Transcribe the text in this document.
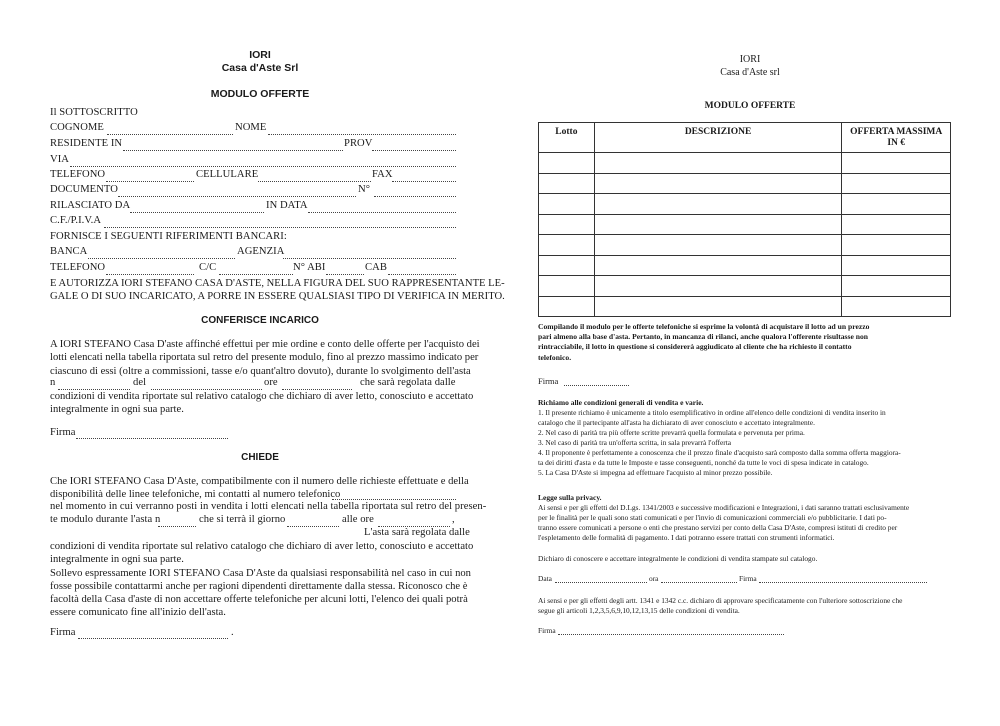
IORI
Casa d'Aste Srl
MODULO OFFERTE
Il SOTTOSCRITTO
COGNOME	NOME
RESIDENTE IN	PROV
VIA
TELEFONO	CELLULARE	FAX
DOCUMENTO	N°
RILASCIATO DA	IN DATA
C.F./P.I.V.A
FORNISCE I SEGUENTI RIFERIMENTI BANCARI:
BANCA	AGENZIA
TELEFONO	C/C	N° ABI	CAB
E AUTORIZZA IORI STEFANO CASA D'ASTE, NELLA FIGURA DEL SUO RAPPRESENTANTE LE-
GALE O DI SUO INCARICATO, A PORRE IN ESSERE QUALSIASI TIPO DI VERIFICA IN MERITO.
CONFERISCE INCARICO
A IORI STEFANO Casa D'aste affinché effettui per mie ordine e conto delle offerte per l'acquisto dei
lotti elencati nella tabella riportata sul retro del presente modulo, fino al prezzo massimo indicato per
ciascuno di essi (oltre a commissioni, tasse e/o quant'altro dovuto), durante lo svolgimento dell'asta
n	del	ore	che sarà regolata dalle
condizioni di vendita riportate sul relativo catalogo che dichiaro di aver letto, conosciuto e accettato
integralmente in ogni sua parte.
Firma
CHIEDE
Che IORI STEFANO Casa D'Aste, compatibilmente con il numero delle richieste effettuate e della
disponibilità delle linee telefoniche, mi contatti al numero telefonico
nel momento in cui verranno posti in vendita i lotti elencati nella tabella riportata sul retro del presen-
te modulo durante l'asta n	che si terrà il giorno	alle ore	,
L'asta sarà regolata dalle
condizioni di vendita riportate sul relativo catalogo che dichiaro di aver letto, conosciuto e accettato
integralmente in ogni sua parte.
Sollevo espressamente IORI STEFANO Casa D'Aste da qualsiasi responsabilità nel caso in cui non
fosse possibile contattarmi anche per ragioni dipendenti direttamente dalla stessa. Riconosco che è
facoltà della Casa d'aste di non accettare offerte telefoniche per alcuni lotti, l'elenco dei quali potrà
essere comunicato fine all'inizio dell'asta.
Firma	.
IORI
Casa d'Aste srl
MODULO OFFERTE
Lotto	DESCRIZIONE	OFFERTA MASSIMA
IN €

Compilando il modulo per le offerte telefoniche si esprime la volontà di acquistare il lotto ad un prezzo
pari almeno alla base d'asta. Pertanto, in mancanza di rilanci, anche qualora l'offerente risultasse non
rintracciabile, il lotto in questione si considererà aggiudicato al cliente che ha richiesto il contatto
telefonico.
Firma
Richiamo alle condizioni generali di vendita e varie.
1. Il presente richiamo è unicamente a titolo esemplificativo in ordine all'elenco delle condizioni di vendita inserito in
catalogo che il partecipante all'asta ha dichiarato di aver conosciuto e accettato integralmente.
2. Nel caso di parità tra più offerte scritte prevarrà quella formulata e pervenuta per prima.
3. Nel caso di parità tra un'offerta scritta, in sala prevarrà l'offerta
4. Il proponente è perfettamente a conoscenza che il prezzo finale d'acquisto sarà composto dalla somma offerta maggiora-
ta dei diritti d'asta e da tutte le Imposte e tasse conseguenti, nonché da tutte le voci di spesa indicate in catalogo.
5. La Casa D'Aste si impegna ad effettuare l'acquisto al minor prezzo possibile.
Legge sulla privacy.
Ai sensi e per gli effetti del D.Lgs. 1341/2003 e successive modificazioni e Integrazioni, i dati saranno trattati esclusivamente
per le finalità per le quali sono stati comunicati e per l'invio di comunicazioni commerciali e/o pubblicitarie. I dati po-
tranno essere comunicati a persone o enti che prestano servizi per conto della Casa D'Aste, compresi istituti di credito per
l'espletamento delle formalità di pagamento. I dati potranno essere trattati con strumenti informatici.
Dichiaro di conoscere e accettare integralmente le condizioni di vendita stampate sul catalogo.
Data	ora	Firma
Ai sensi e per gli effetti degli artt. 1341 e 1342 c.c. dichiaro di approvare specificatamente con l'ulteriore sottoscrizione che
segue gli articoli 1,2,3,5,6,9,10,12,13,15 delle condizioni di vendita.
Firma
